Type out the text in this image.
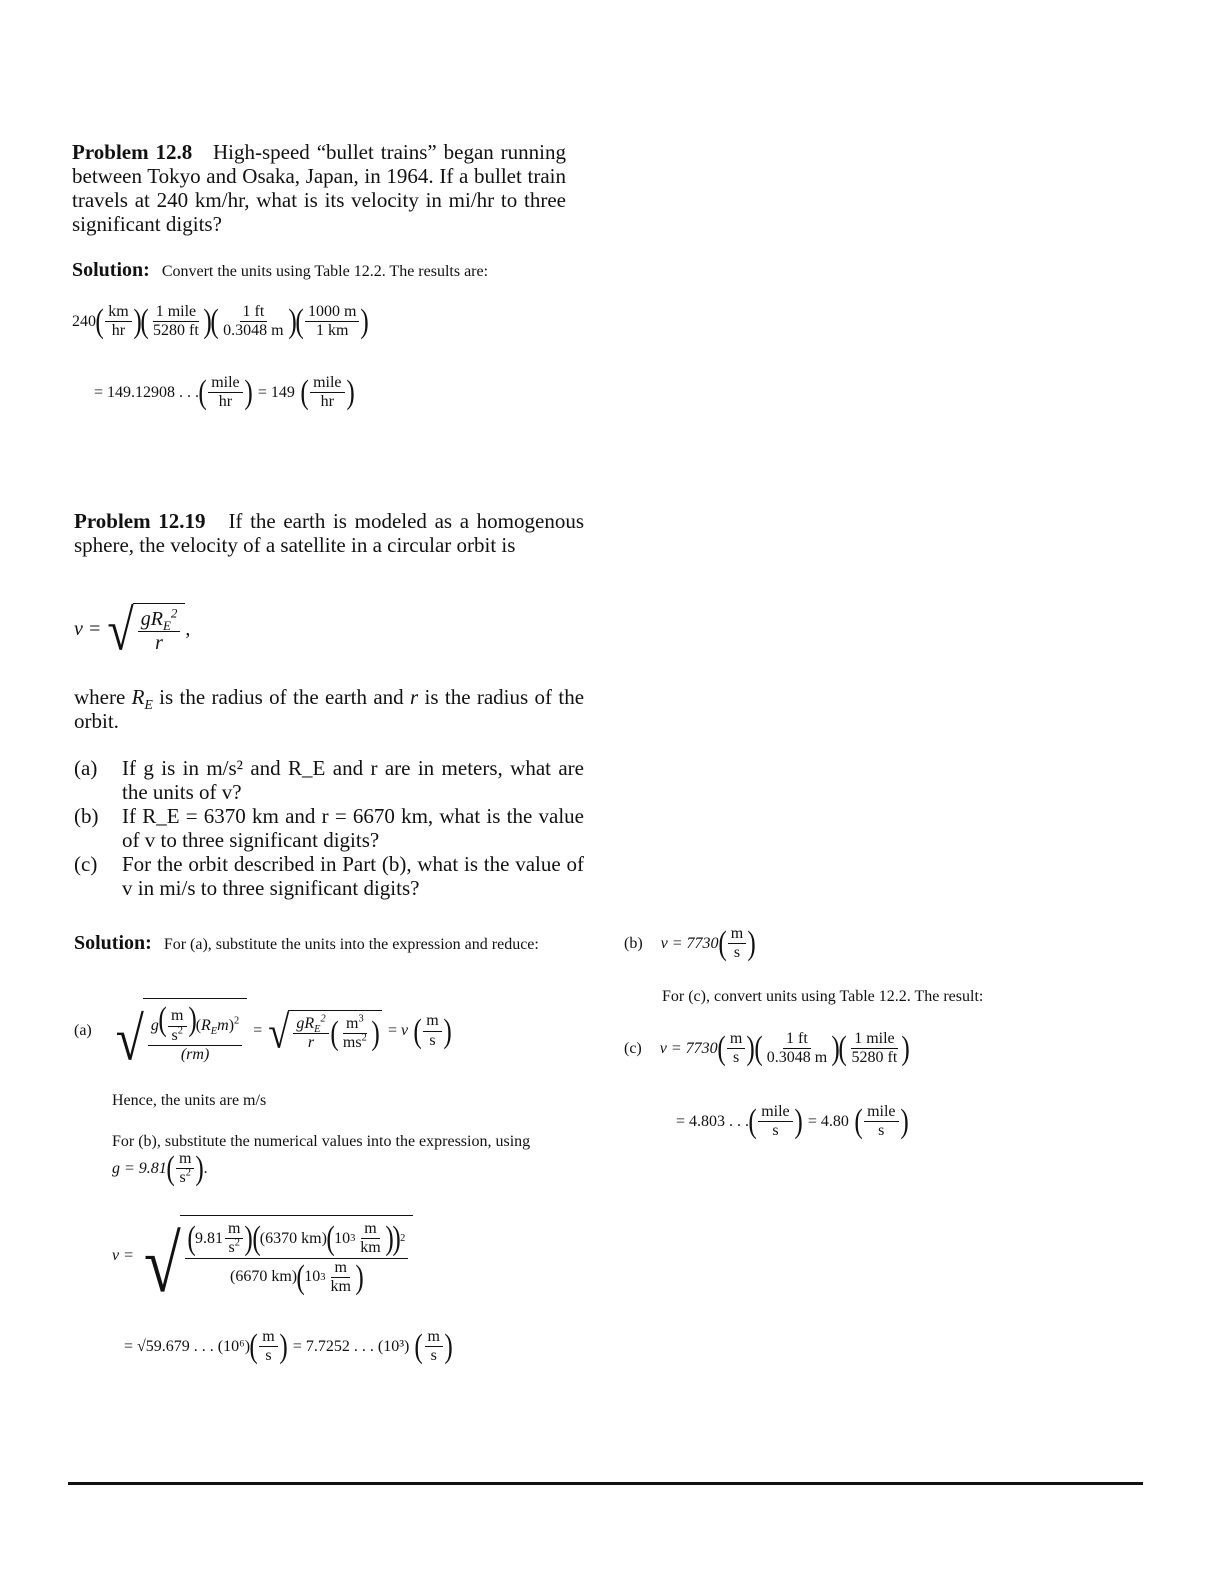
Problem 12.8 High-speed “bullet trains” began running between Tokyo and Osaka, Japan, in 1964. If a bullet train travels at 240 km/hr, what is its velocity in mi/hr to three significant digits?
Solution: Convert the units using Table 12.2. The results are:
240 ( $\frac{km}{hr}$ )
( $\frac{\text{1 mile}}{5280 ft}$ )
( $\frac{1 ft}{0.3048 m}$ )
( $\frac{1000 m}{1 km}$ )
= 149.12908 . . . ( $\frac{\text{mile}}{hr}$ ) = 149 ( $\frac{\text{mile}}{hr}$ )
Problem 12.19 If the earth is modeled as a homogenous sphere, the velocity of a satellite in a circular orbit is
v = √ $\frac{gR_E^2}{r}$ ,
where $R_E$ is the radius of the earth and r is the radius of the orbit.
(a) If g is in m/s² and R_E and r are in meters, what are the units of v?
(b) If R_E = 6370 km and r = 6670 km, what is the value of v to three significant digits?
(c) For the orbit described in Part (b), what is the value of v in mi/s to three significant digits?
Solution: For (a), substitute the units into the expression and reduce:
(a) √ $\frac{g( \frac{m}{s^2} )(R_Em)^2}{(rm)}$ = √ $\frac{gR_E^2}{r}$ ( $\frac{m^3}{ms^2}$ ) = v ( $\frac{m}{s}$ )
Hence, the units are m/s
For (b), substitute the numerical values into the expression, using
g = 9.81 ( $\frac{m}{s^2}$ ) .
v = √ ( $9.81 \frac{m}{s^2}$ )
( (6370 km) ( 10 $3 \frac{m}{km}$ )
) 2
(6670 km) ( 10 $3 \frac{m}{km}$ )
= √59.679 . . . (10⁶) ( $\frac{m}{s}$ ) = 7.7252 . . . (10³) ( $\frac{m}{s}$ )
(b) v = 7730 ( $\frac{m}{s}$ )
For (c), convert units using Table 12.2. The result:
(c) v = 7730 ( $\frac{m}{s}$ )
( $\frac{1 ft}{0.3048 m}$ )
( $\frac{\text{1 mile}}{5280 ft}$ )
= 4.803 . . . ( $\frac{\text{mile}}{s}$ ) = 4.80 ( $\frac{\text{mile}}{s}$ )
